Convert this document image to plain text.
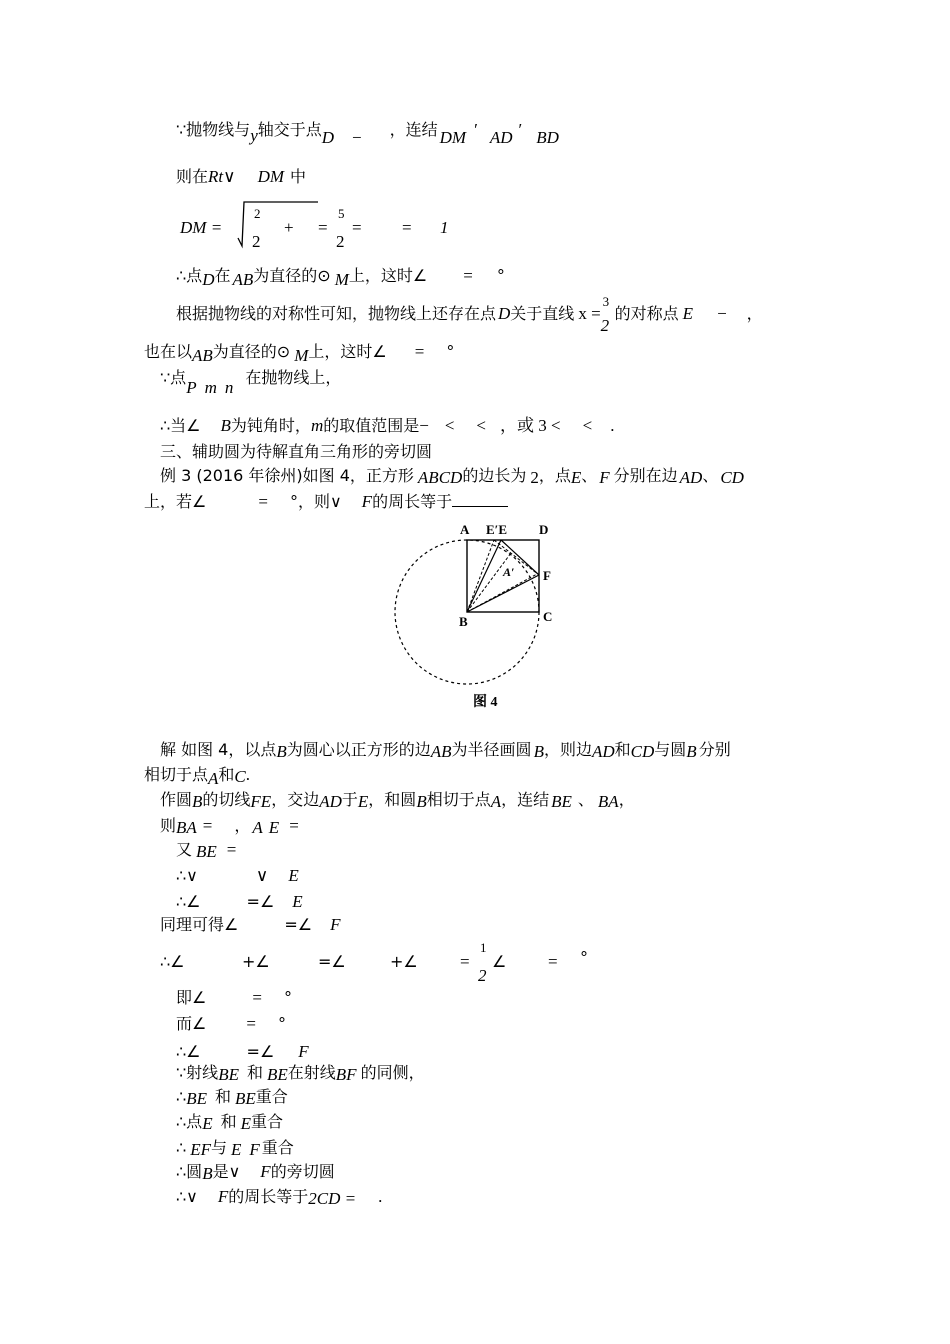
∵抛物线与y轴交于点D − ，连结 DM ′ AD ′ BD
则在Rt∨ DM 中
DM =
2
2
+ =
5
2
= = 1
∴点D在 AB为直径的⊙ M上，这时∠ = °
根据抛物线的对称性可知，抛物线上还存在点 D关于直线 x =
3
2
的对称点 E − ，
也在以AB为直径的⊙ M上，这时∠ = °
∵点P m n在抛物线上，
∴当∠ B为钝角时，m的取值范围是− < < ，或 3 < < .
三、辅助圆为待解直角三角形的旁切圆
例 3 (2016 年徐州)如图 4，正方形 ABCD的边长为 2，点E、 F 分别在边 AD、 CD
上，若∠	= °，则∨ F的周长等于
A E′E D
A′ F
B	C
图 4
解 如图 4，以点B为圆心以正方形的边AB为半径画圆 B，则边AD和CD与圆B 分别
相切于点A和C.
作圆B的切线FE，交边AD于E，和圆B相切于点A，连结 BE 、 BA，
则BA = ， A E =
又 BE =
∴∨	∨ E
∴∠	=∠ E
同理可得∠	=∠ F
∴∠	+∠	=∠	+∠ =
1
2
∠ = °
即∠	= °
而∠ = °
∴∠	=∠ F
∵射线BE 和 BE在射线BF 的同侧，
∴BE 和 BE重合
∴点E 和 E重合
∴ EF与 E F 重合
∴圆B是∨ F的旁切圆
∴∨ F的周长等于2CD = .
